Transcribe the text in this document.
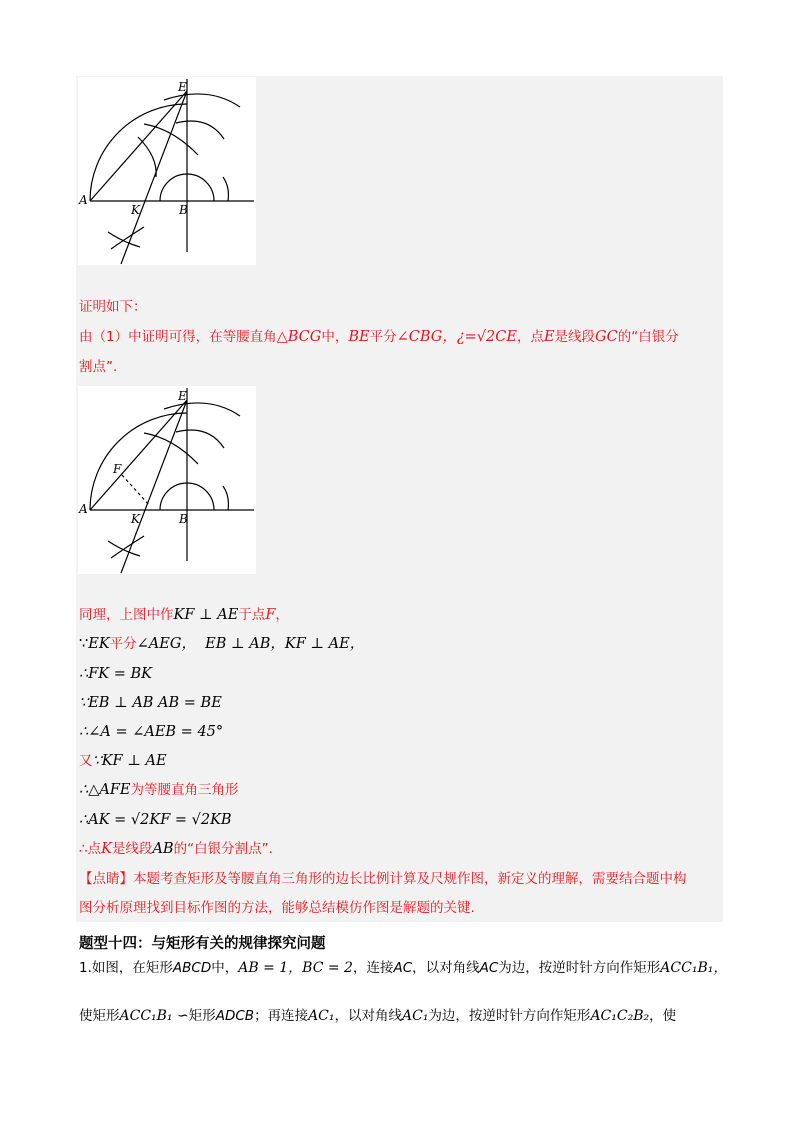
E
A
K	B
证明如下：
由（1）中证明可得，在等腰直角△BCG中，BE平分∠CBG，¿=√2CE，点E是线段GC的“白银分
割点”．
E
A
F
K	B
同理，上图中作KF ⊥ AE于点F，
∵EK平分∠AEG， EB ⊥ AB，KF ⊥ AE，
∴FK = BK
∵EB ⊥ AB AB = BE
∴∠A = ∠AEB = 45°
又∵KF ⊥ AE
∴△AFE为等腰直角三角形
∴AK = √2KF = √2KB
∴点K是线段AB的“白银分割点”．
【点睛】本题考查矩形及等腰直角三角形的边长比例计算及尺规作图，新定义的理解，需要结合题中构
图分析原理找到目标作图的方法，能够总结模仿作图是解题的关键.
题型十四：与矩形有关的规律探究问题
1.如图，在矩形ABCD中，AB = 1，BC = 2，连接AC，以对角线AC为边，按逆时针方向作矩形ACC₁B₁，
使矩形ACC₁B₁ ∽矩形ADCB；再连接AC₁，以对角线AC₁为边，按逆时针方向作矩形AC₁C₂B₂，使
